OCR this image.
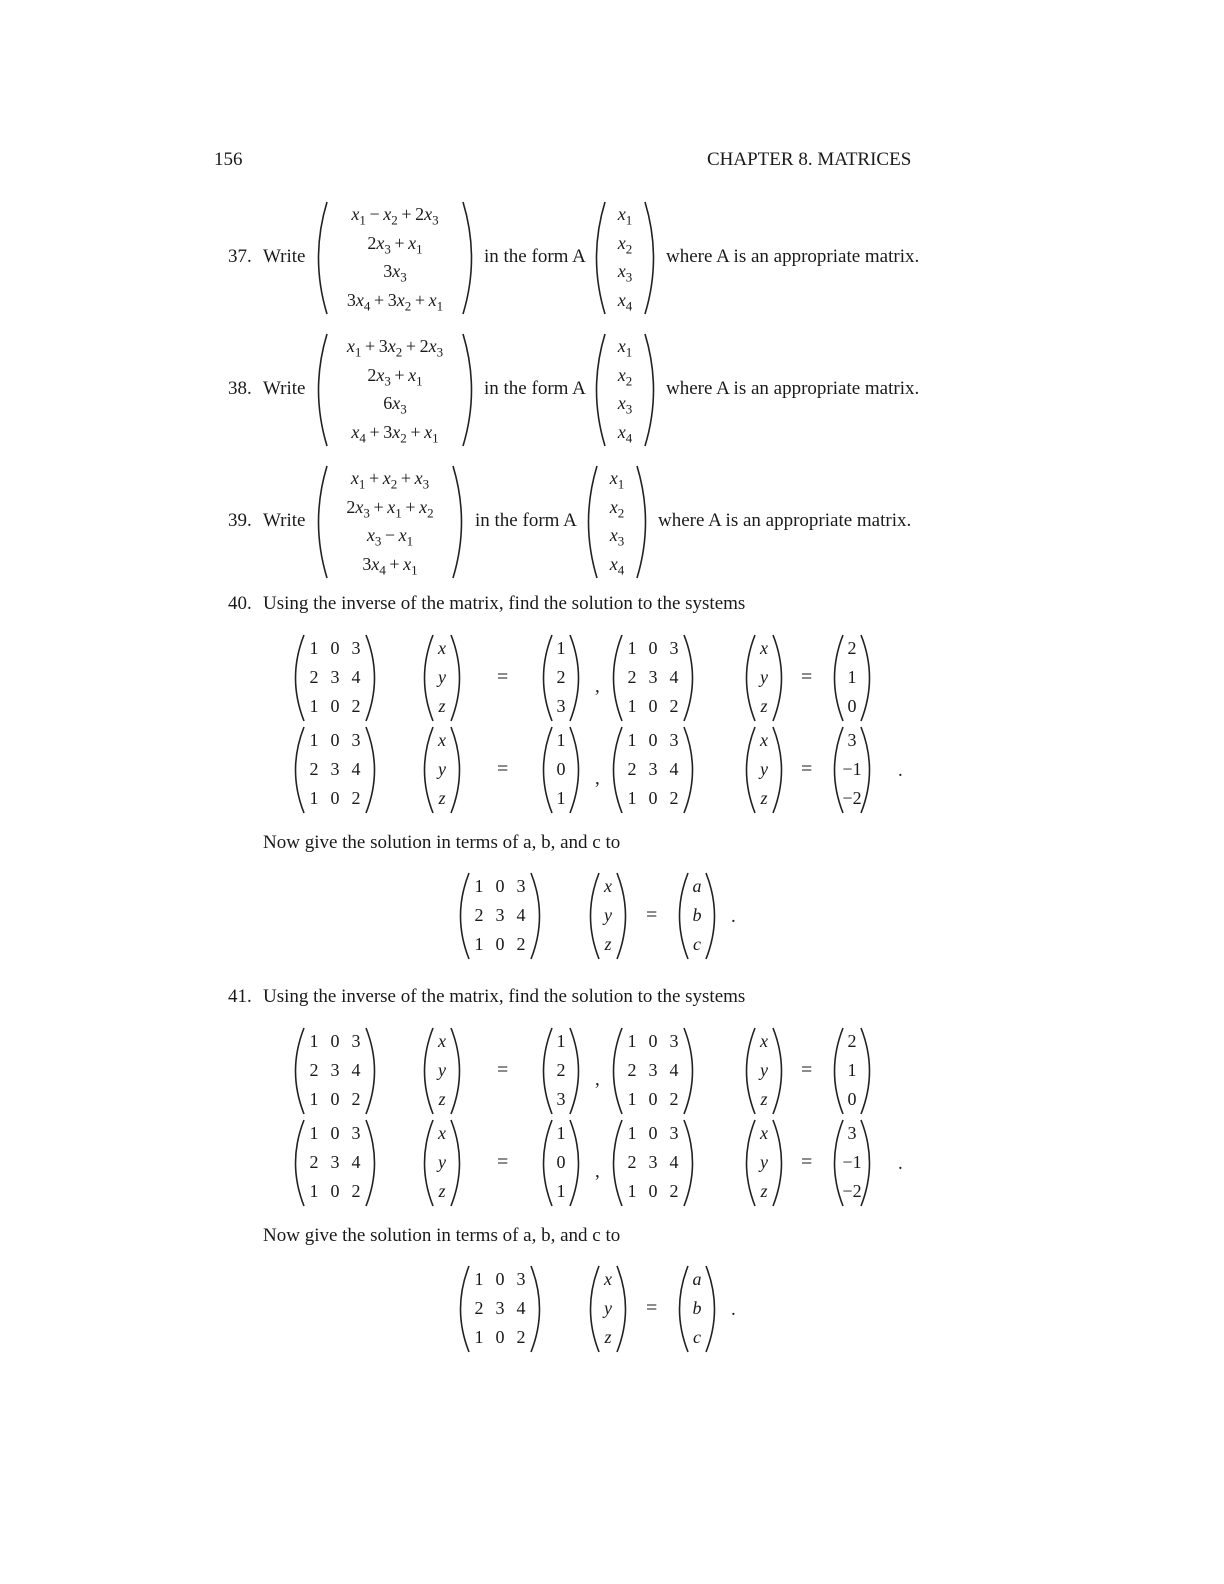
156	CHAPTER 8. MATRICES
37. Write
$x_1 - x_2 + 2x_3$
$2x_3 + x_1$
$3x_3$
$3x_4 + 3x_2 + x_1$
in the form A
$x_1$
$x_2$
$x_3$
$x_4$
where A is an appropriate matrix.
38. Write
$x_1 + 3x_2 + 2x_3$
$2x_3 + x_1$
$6x_3$
$x_4 + 3x_2 + x_1$
in the form A
$x_1$
$x_2$
$x_3$
$x_4$
where A is an appropriate matrix.
39. Write
$x_1 + x_2 + x_3$
$2x_3 + x_1 + x_2$
$x_3 - x_1$
$3x_4 + x_1$
in the form A
$x_1$
$x_2$
$x_3$
$x_4$
where A is an appropriate matrix.
40. Using the inverse of the matrix, find the solution to the systems
1 0 3
2 3 4
1 0 2
x
y
z
=
1
2
3
,
1 0 3
2 3 4
1 0 2
x
y
z
=
2
1
0
1 0 3
2 3 4
1 0 2
x
y
z
=
1
0
1
,
1 0 3
2 3 4
1 0 2
x
y
z
=
3
−1
−2
.
Now give the solution in terms of a, b, and c to
1 0 3
2 3 4
1 0 2
x
y
z
=
a
b
c
.
41. Using the inverse of the matrix, find the solution to the systems
1 0 3
2 3 4
1 0 2
x
y
z
=
1
2
3
,
1 0 3
2 3 4
1 0 2
x
y
z
=
2
1
0
1 0 3
2 3 4
1 0 2
x
y
z
=
1
0
1
,
1 0 3
2 3 4
1 0 2
x
y
z
=
3
−1
−2
.
Now give the solution in terms of a, b, and c to
1 0 3
2 3 4
1 0 2
x
y
z
=
a
b
c
.
